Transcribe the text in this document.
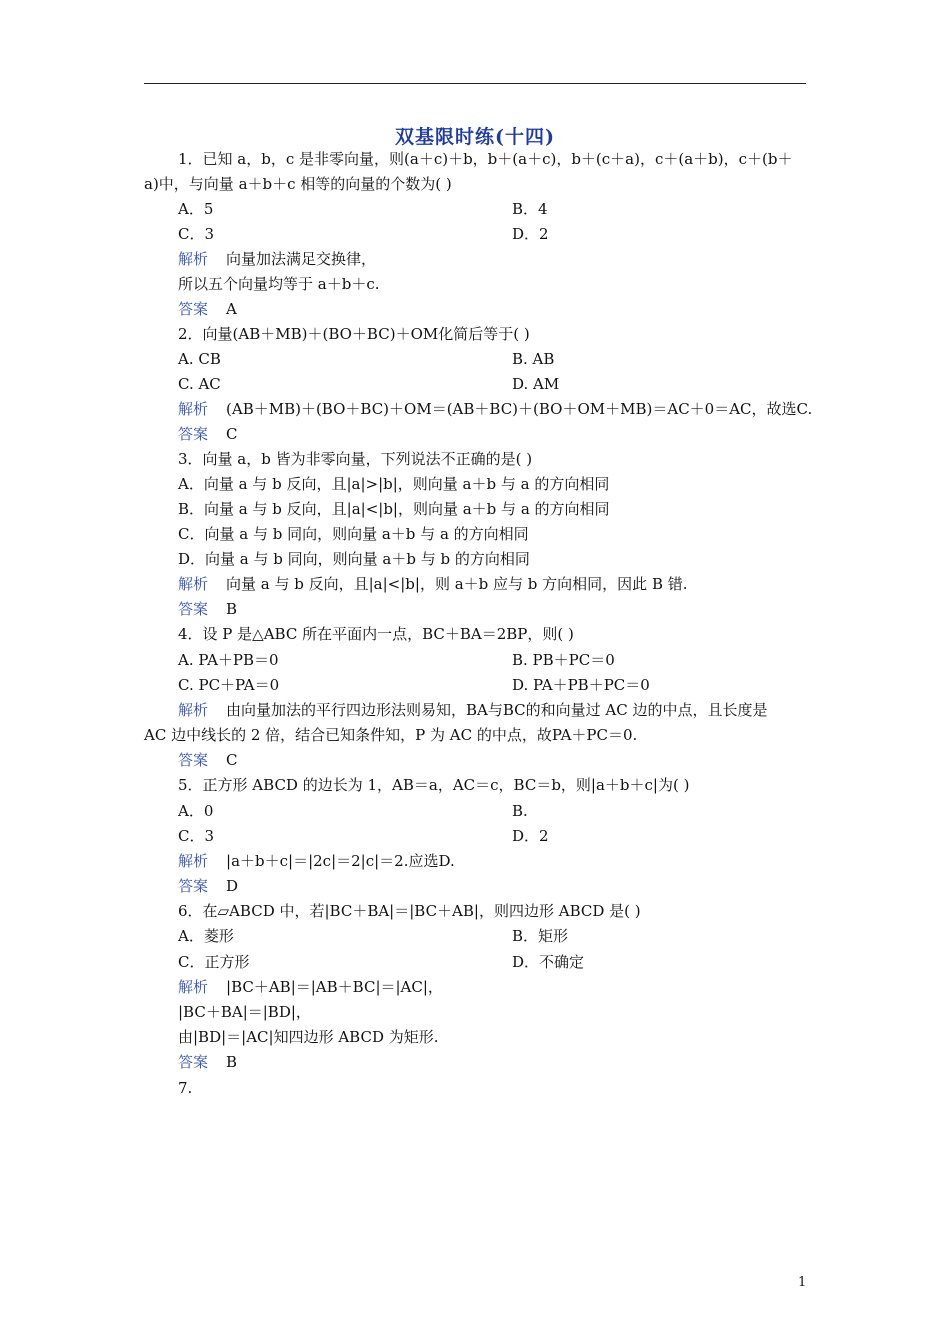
双基限时练(十四)
1．已知 a，b，c 是非零向量，则(a＋c)＋b，b＋(a＋c)，b＋(c＋a)，c＋(a＋b)，c＋(b＋
a)中，与向量 a＋b＋c 相等的向量的个数为( )
A．5	B．4
C．3	D．2
解析 向量加法满足交换律，
所以五个向量均等于 a＋b＋c.
答案 A
2．向量(AB＋MB)＋(BO＋BC)＋OM化简后等于( )
A. CB	B. AB
C. AC	D. AM
解析 (AB＋MB)＋(BO＋BC)＋OM＝(AB＋BC)＋(BO＋OM＋MB)＝AC＋0＝AC，故选C.
答案 C
3．向量 a，b 皆为非零向量，下列说法不正确的是( )
A．向量 a 与 b 反向，且|a|>|b|，则向量 a＋b 与 a 的方向相同
B．向量 a 与 b 反向，且|a|<|b|，则向量 a＋b 与 a 的方向相同
C．向量 a 与 b 同向，则向量 a＋b 与 a 的方向相同
D．向量 a 与 b 同向，则向量 a＋b 与 b 的方向相同
解析 向量 a 与 b 反向，且|a|<|b|，则 a＋b 应与 b 方向相同，因此 B 错.
答案 B
4．设 P 是△ABC 所在平面内一点，BC＋BA＝2BP，则( )
A. PA＋PB＝0	B. PB＋PC＝0
C. PC＋PA＝0	D. PA＋PB＋PC＝0
解析 由向量加法的平行四边形法则易知，BA与BC的和向量过 AC 边的中点，且长度是
AC 边中线长的 2 倍，结合已知条件知，P 为 AC 的中点，故PA＋PC＝0.
答案 C
5．正方形 ABCD 的边长为 1，AB＝a，AC＝c，BC＝b，则|a＋b＋c|为( )
A．0	B.
C．3	D．2
解析 |a＋b＋c|＝|2c|＝2|c|＝2.应选D.
答案 D
6．在▱ABCD 中，若|BC＋BA|＝|BC＋AB|，则四边形 ABCD 是( )
A．菱形	B．矩形
C．正方形	D．不确定
解析 |BC＋AB|＝|AB＋BC|＝|AC|，
|BC＋BA|＝|BD|，
由|BD|＝|AC|知四边形 ABCD 为矩形.
答案 B
7.
1
